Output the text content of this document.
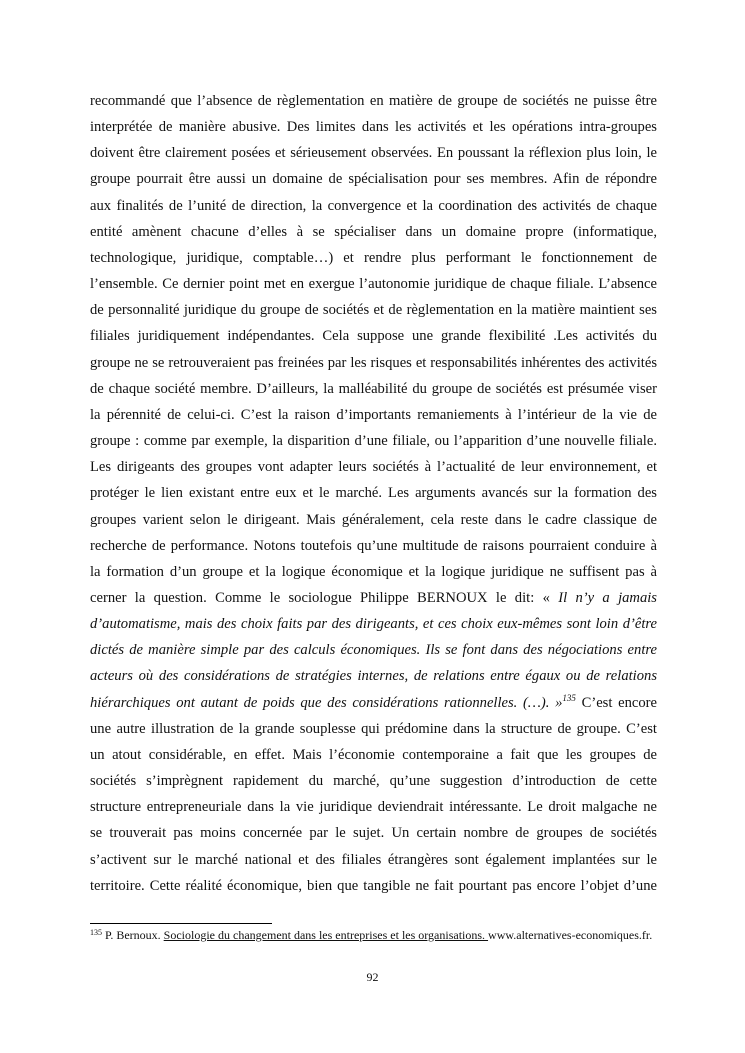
recommandé que l’absence de règlementation en matière de groupe de sociétés ne puisse être
interprétée de manière abusive. Des limites dans les activités et les opérations intra-groupes
doivent être clairement posées et sérieusement observées. En poussant la réflexion plus loin, le
groupe pourrait être aussi un domaine de spécialisation pour ses membres. Afin de répondre
aux finalités de l’unité de direction, la convergence et la coordination des activités de chaque
entité amènent chacune d’elles à se spécialiser dans un domaine propre (informatique,
technologique, juridique, comptable…) et rendre plus performant le fonctionnement de
l’ensemble. Ce dernier point met en exergue l’autonomie juridique de chaque filiale. L’absence
de personnalité juridique du groupe de sociétés et de règlementation en la matière maintient ses
filiales juridiquement indépendantes. Cela suppose une grande flexibilité .Les activités du
groupe ne se retrouveraient pas freinées par les risques et responsabilités inhérentes des activités
de chaque société membre. D’ailleurs, la malléabilité du groupe de sociétés est présumée viser
la pérennité de celui-ci. C’est la raison d’importants remaniements à l’intérieur de la vie de
groupe : comme par exemple, la disparition d’une filiale, ou l’apparition d’une nouvelle filiale.
Les dirigeants des groupes vont adapter leurs sociétés à l’actualité de leur environnement, et
protéger le lien existant entre eux et le marché. Les arguments avancés sur la formation des
groupes varient selon le dirigeant. Mais généralement, cela reste dans le cadre classique de
recherche de performance. Notons toutefois qu’une multitude de raisons pourraient conduire à
la formation d’un groupe et la logique économique et la logique juridique ne suffisent pas à
cerner la question. Comme le sociologue Philippe BERNOUX le dit: « Il n’y a jamais
d’automatisme, mais des choix faits par des dirigeants, et ces choix eux-mêmes sont loin d’être
dictés de manière simple par des calculs économiques. Ils se font dans des négociations entre
acteurs où des considérations de stratégies internes, de relations entre égaux ou de relations
hiérarchiques ont autant de poids que des considérations rationnelles. (…). »$^{135}$ C’est encore
une autre illustration de la grande souplesse qui prédomine dans la structure de groupe. C’est
un atout considérable, en effet. Mais l’économie contemporaine a fait que les groupes de
sociétés s’imprègnent rapidement du marché, qu’une suggestion d’introduction de cette
structure entrepreneuriale dans la vie juridique deviendrait intéressante. Le droit malgache ne
se trouverait pas moins concernée par le sujet. Un certain nombre de groupes de sociétés
s’activent sur le marché national et des filiales étrangères sont également implantées sur le
territoire. Cette réalité économique, bien que tangible ne fait pourtant pas encore l’objet d’une
$^{135}$ P. Bernoux. Sociologie du changement dans les entreprises et les organisations. www.alternatives-economiques.fr.
92
